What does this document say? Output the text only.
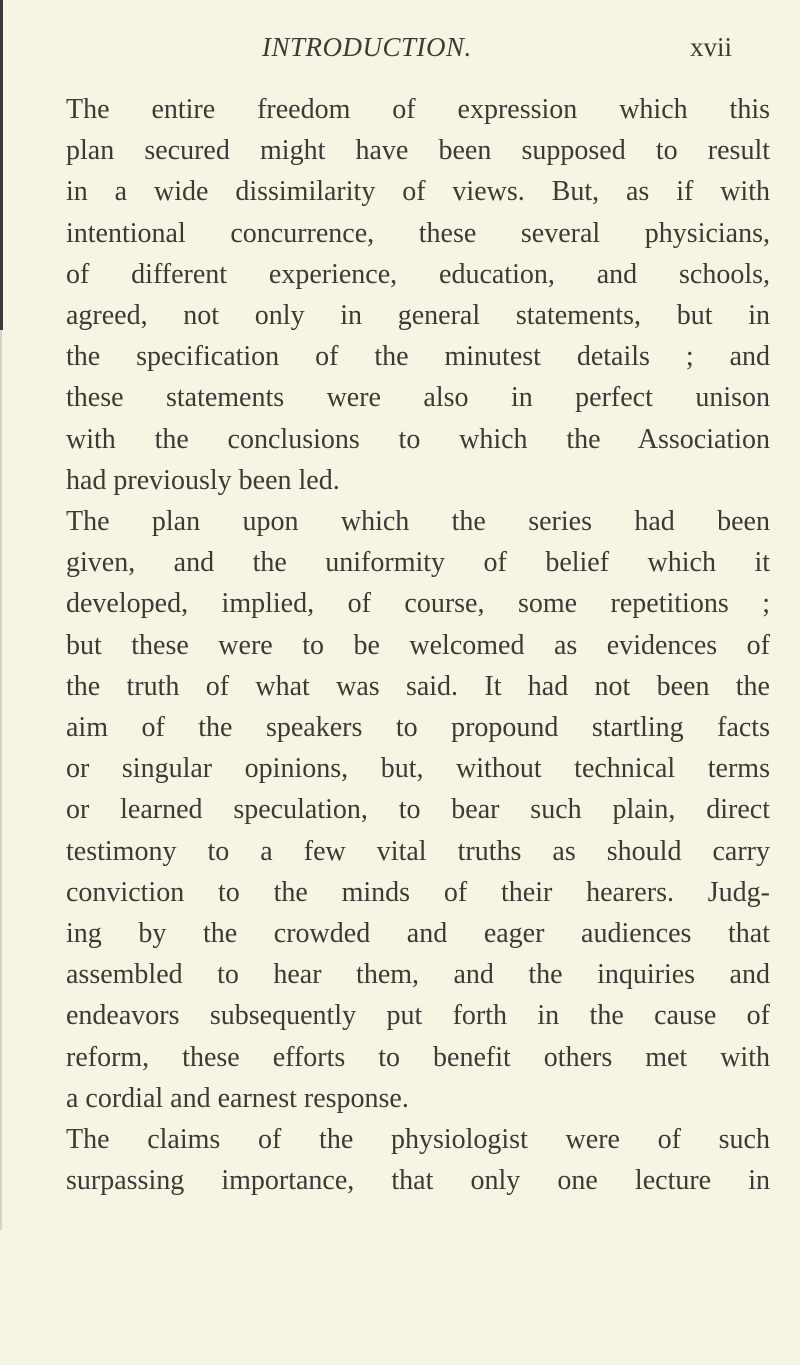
INTRODUCTION.	xvii
The entire freedom of expression which this
plan secured might have been supposed to result
in a wide dissimilarity of views. But, as if with
intentional concurrence, these several physicians,
of different experience, education, and schools,
agreed, not only in general statements, but in
the specification of the minutest details ; and
these statements were also in perfect unison
with the conclusions to which the Association
had previously been led.
The plan upon which the series had been
given, and the uniformity of belief which it
developed, implied, of course, some repetitions ;
but these were to be welcomed as evidences of
the truth of what was said. It had not been the
aim of the speakers to propound startling facts
or singular opinions, but, without technical terms
or learned speculation, to bear such plain, direct
testimony to a few vital truths as should carry
conviction to the minds of their hearers. Judg-
ing by the crowded and eager audiences that
assembled to hear them, and the inquiries and
endeavors subsequently put forth in the cause of
reform, these efforts to benefit others met with
a cordial and earnest response.
The claims of the physiologist were of such
surpassing importance, that only one lecture in
